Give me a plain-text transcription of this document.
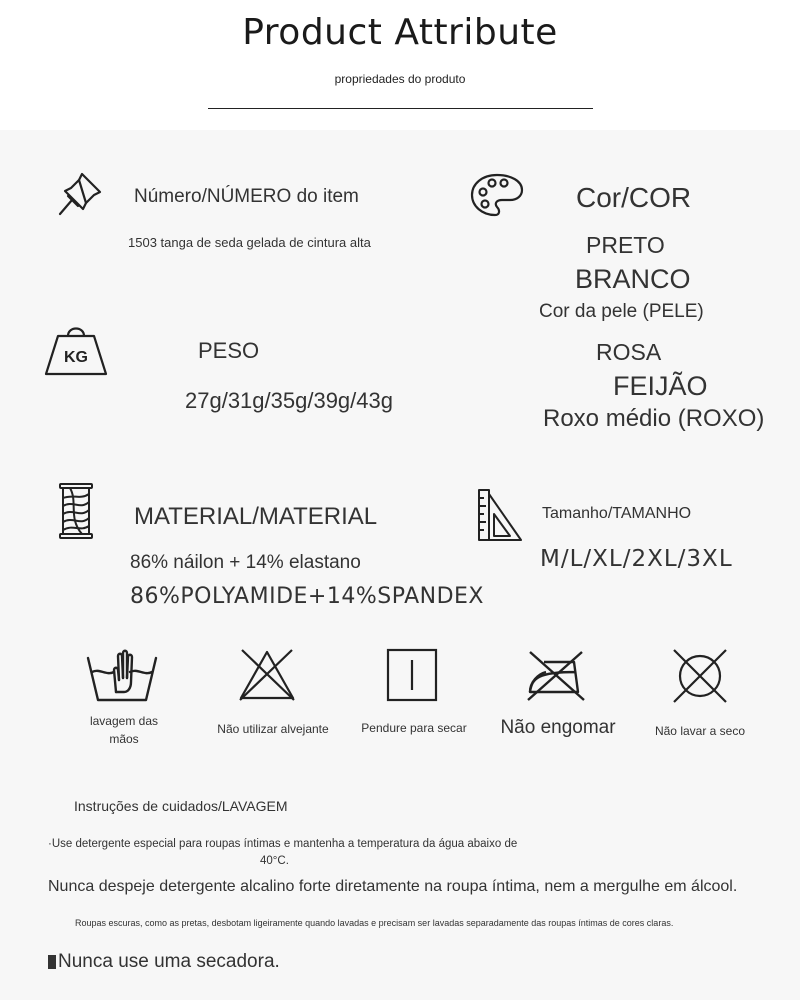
Product Attribute
propriedades do produto
Número/NÚMERO do item
1503 tanga de seda gelada de cintura alta
Cor/COR
PRETO
BRANCO
Cor da pele (PELE)
ROSA
FEIJÃO
Roxo médio (ROXO)
KG	PESO
27g/31g/35g/39g/43g
MATERIAL/MATERIAL
86% náilon + 14% elastano
86%POLYAMIDE+14%SPANDEX
Tamanho/TAMANHO
M/L/XL/2XL/3XL
lavagem das
mãos
Não utilizar alvejante	Pendure para secar	Não engomar	Não lavar a seco
Instruções de cuidados/LAVAGEM
·Use detergente especial para roupas íntimas e mantenha a temperatura da água abaixo de
40°C.
Nunca despeje detergente alcalino forte diretamente na roupa íntima, nem a mergulhe em álcool.
Roupas escuras, como as pretas, desbotam ligeiramente quando lavadas e precisam ser lavadas separadamente das roupas íntimas de cores claras.
Nunca use uma secadora.
